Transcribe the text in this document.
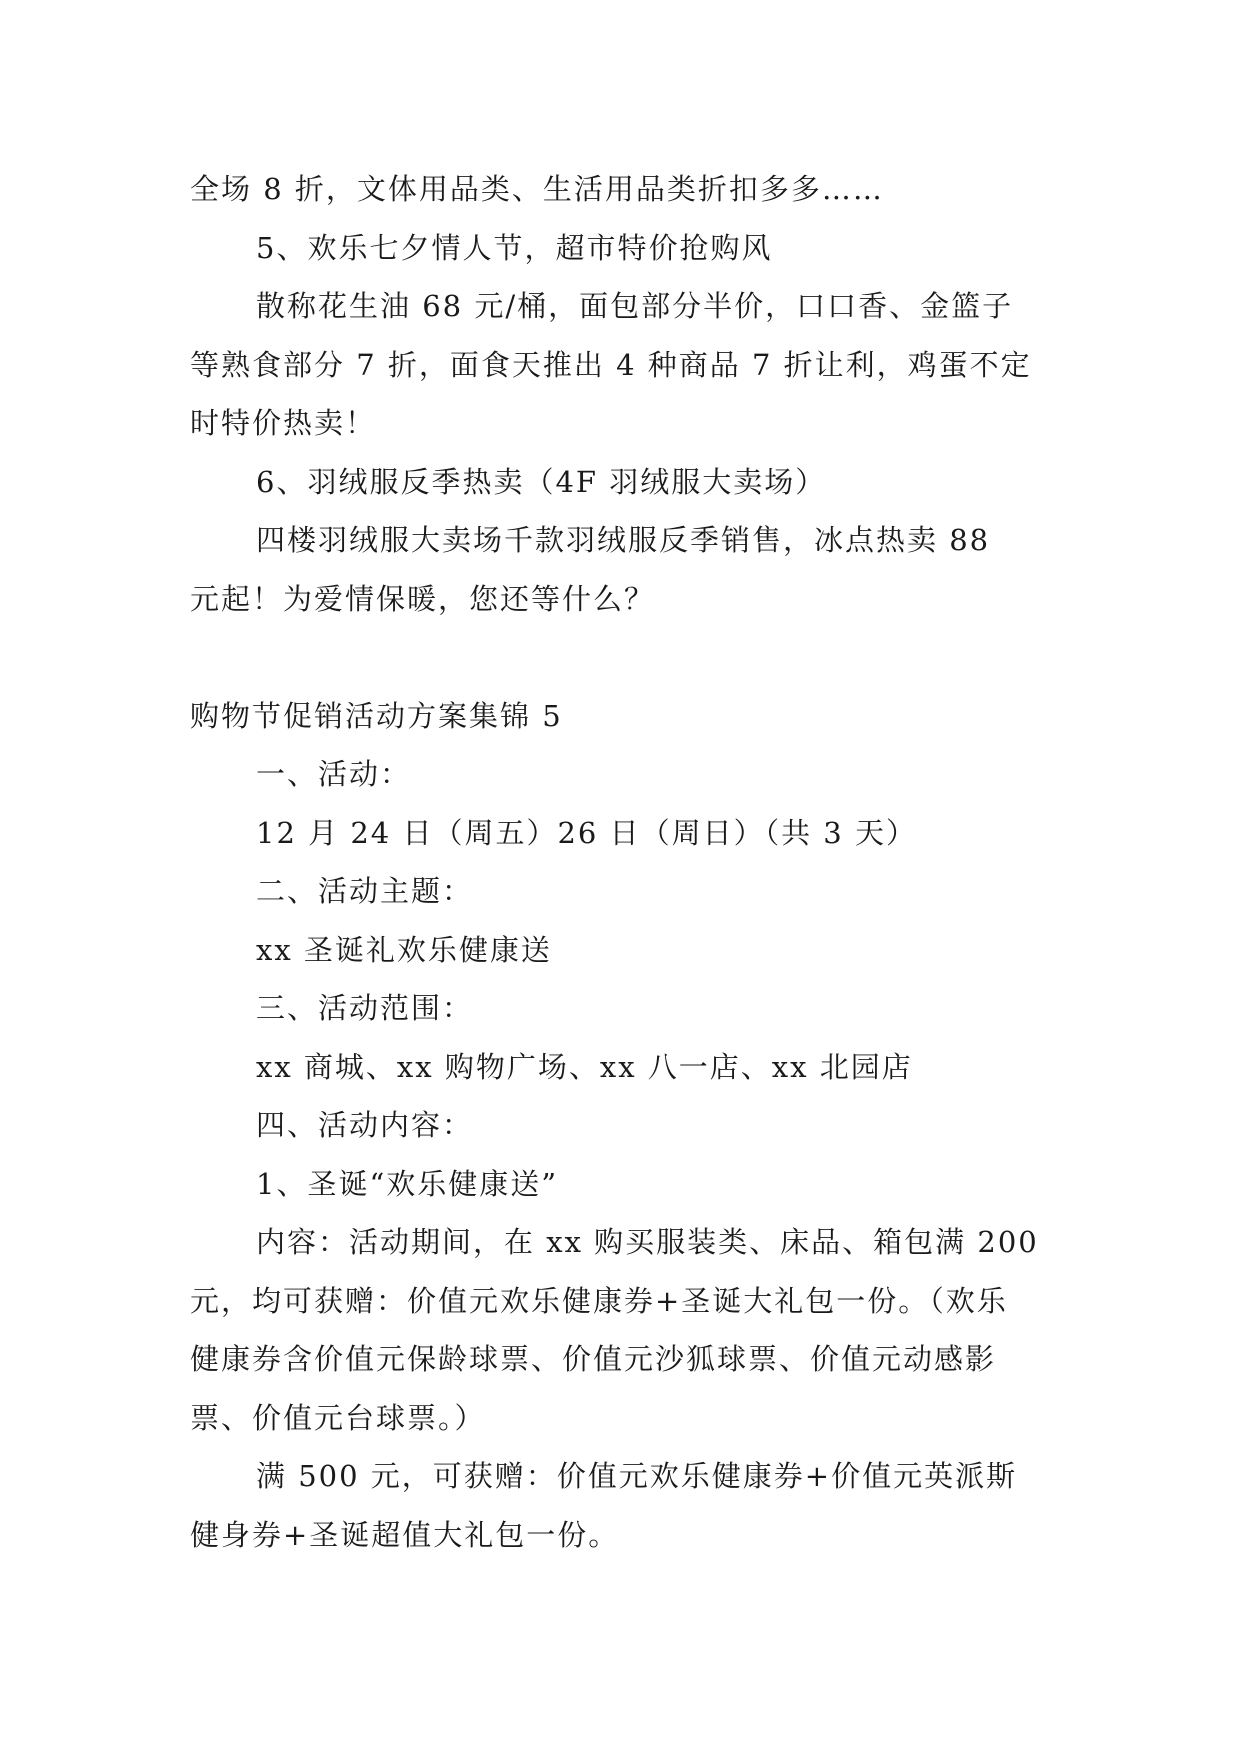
全场 8 折，文体用品类、生活用品类折扣多多……
5、欢乐七夕情人节，超市特价抢购风
散称花生油 68 元/桶，面包部分半价，口口香、金篮子
等熟食部分 7 折，面食天推出 4 种商品 7 折让利，鸡蛋不定
时特价热卖！
6、羽绒服反季热卖（4F 羽绒服大卖场）
四楼羽绒服大卖场千款羽绒服反季销售，冰点热卖 88
元起！为爱情保暖，您还等什么？
购物节促销活动方案集锦 5
一、活动：
12 月 24 日（周五）26 日（周日）（共 3 天）
二、活动主题：
xx 圣诞礼欢乐健康送
三、活动范围：
xx 商城、xx 购物广场、xx 八一店、xx 北园店
四、活动内容：
1、圣诞“欢乐健康送”
内容：活动期间，在 xx 购买服装类、床品、箱包满 200
元，均可获赠：价值元欢乐健康券+圣诞大礼包一份。（欢乐
健康券含价值元保龄球票、价值元沙狐球票、价值元动感影
票、价值元台球票。）
满 500 元，可获赠：价值元欢乐健康券+价值元英派斯
健身券+圣诞超值大礼包一份。
